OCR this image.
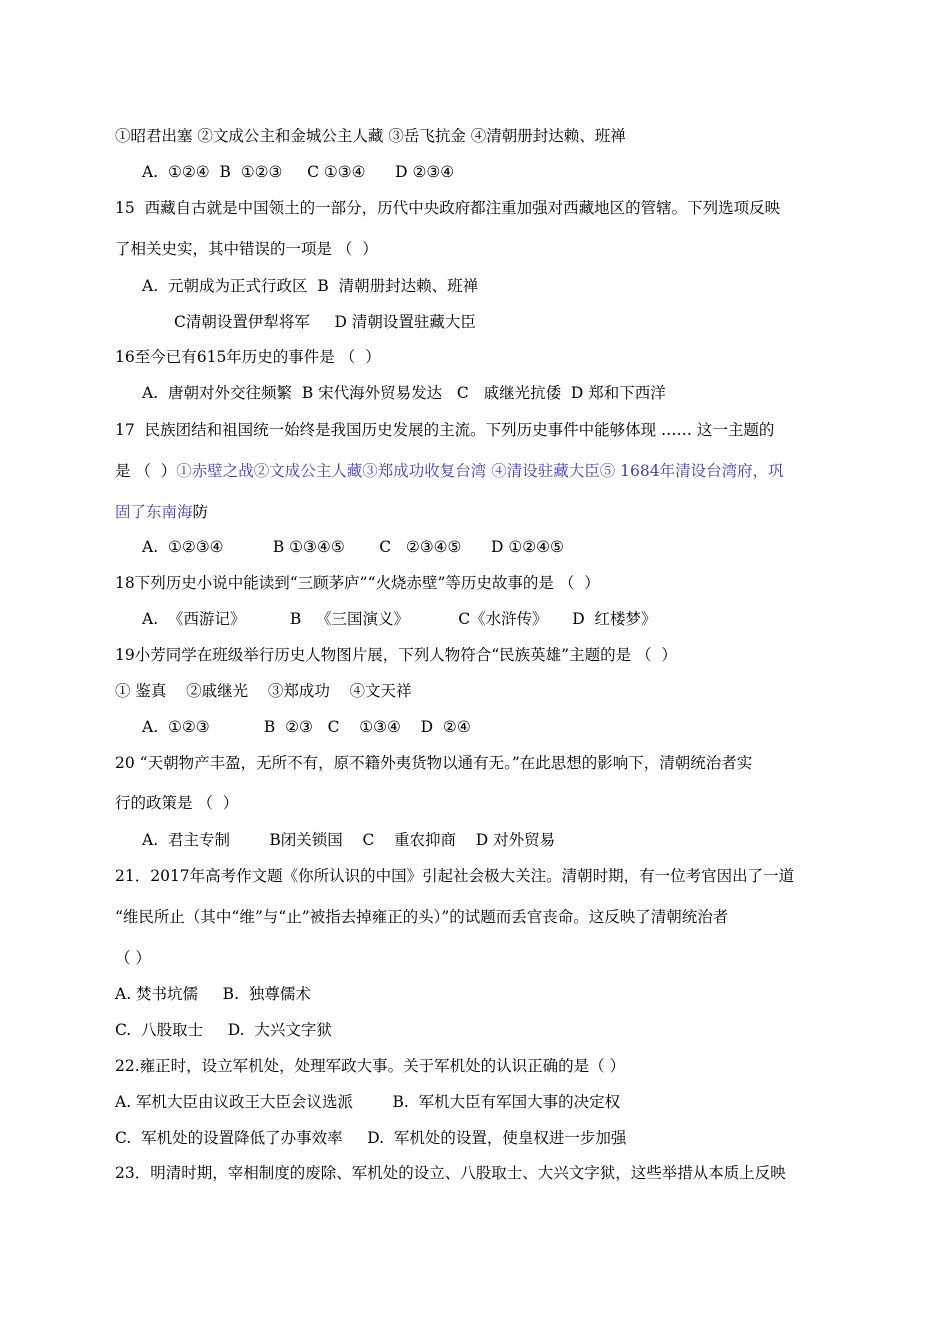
①昭君出塞 ②文成公主和金城公主人藏 ③岳飞抗金 ④清朝册封达赖、班禅
A.  ①②④  B  ①②③     C ①③④      D ②③④
15  西藏自古就是中国领土的一部分，历代中央政府都注重加强对西藏地区的管辖。下列选项反映
了相关史实，其中错误的一项是 （  ）
A.  元朝成为正式行政区  B  清朝册封达赖、班禅
C清朝设置伊犁将军     D 清朝设置驻藏大臣
16至今已有615年历史的事件是 （  ）
A.  唐朝对外交往频繁  B 宋代海外贸易发达   C   戚继光抗倭  D 郑和下西洋
17  民族团结和祖国统一始终是我国历史发展的主流。下列历史事件中能够体现 …… 这一主题的
是 （  ）①赤壁之战②文成公主人藏③郑成功收复台湾 ④清设驻藏大臣⑤ 1684年清设台湾府，巩
固了东南海防
A.  ①②③④          B ①③④⑤       C   ②③④⑤      D ①②④⑤
18下列历史小说中能读到“三顾茅庐”“火烧赤壁”等历史故事的是 （  ）
A.  《西游记》         B   《三国演义》          C《水浒传》     D  红楼梦》
19小芳同学在班级举行历史人物图片展，下列人物符合“民族英雄”主题的是 （  ）
① 鉴真    ②戚继光    ③郑成功    ④文天祥
A.  ①②③           B  ②③   C    ①③④    D  ②④
20 “天朝物产丰盈，无所不有，原不籍外夷货物以通有无。”在此思想的影响下，清朝统治者实
行的政策是 （  ）
A.  君主专制        B闭关锁国    C    重农抑商    D 对外贸易
21．2017年高考作文题《你所认识的中国》引起社会极大关注。清朝时期，有一位考官因出了一道
“维民所止（其中“维”与“止”被指去掉雍正的头）”的试题而丢官丧命。这反映了清朝统治者
（ ）
A. 焚书坑儒     B.  独尊儒术
C.  八股取士     D.  大兴文字狱
22.雍正时，设立军机处，处理军政大事。关于军机处的认识正确的是（ ）
A. 军机大臣由议政王大臣会议选派        B.  军机大臣有军国大事的决定权
C.  军机处的设置降低了办事效率     D.  军机处的设置，使皇权进一步加强
23．明清时期，宰相制度的废除、军机处的设立、八股取士、大兴文字狱，这些举措从本质上反映
